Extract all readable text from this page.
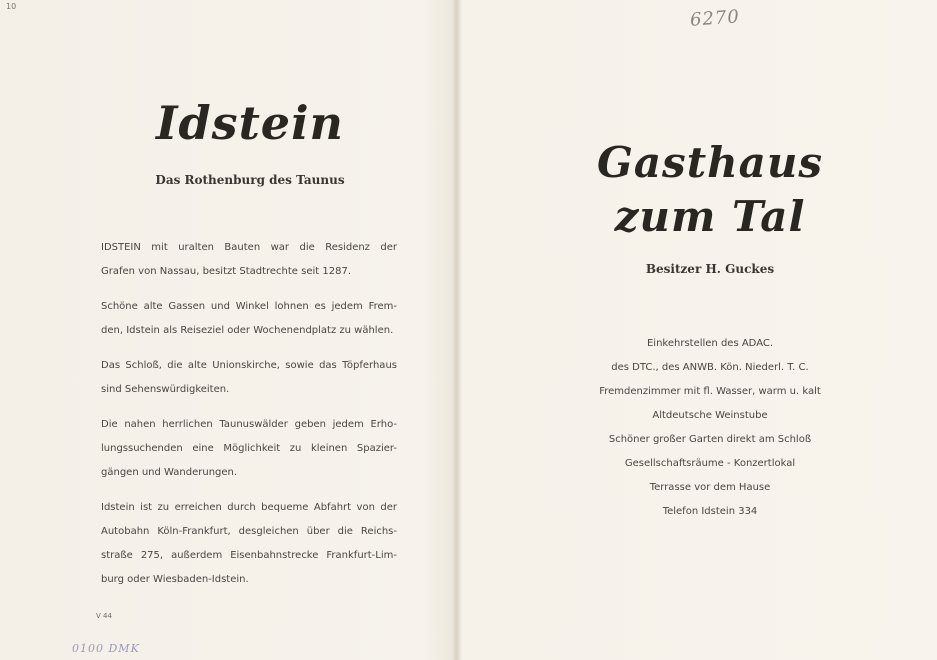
10	6270
0100 DMK
V 44
Idstein
Das Rothenburg des Taunus

IDSTEIN mit uralten Bauten war die Residenz der
Grafen von Nassau, besitzt Stadtrechte seit 1287.

Schöne alte Gassen und Winkel lohnen es jedem Frem-
den, Idstein als Reiseziel oder Wochenendplatz zu wählen.

Das Schloß, die alte Unionskirche, sowie das Töpferhaus
sind Sehenswürdigkeiten.

Die nahen herrlichen Taunuswälder geben jedem Erho-
lungssuchenden eine Möglichkeit zu kleinen Spazier-
gängen und Wanderungen.

Idstein ist zu erreichen durch bequeme Abfahrt von der
Autobahn Köln-Frankfurt, desgleichen über die Reichs-
straße 275, außerdem Eisenbahnstrecke Frankfurt-Lim-
burg oder Wiesbaden-Idstein.

Gasthaus
zum Tal
Besitzer H. Guckes
Einkehrstellen des ADAC.
des DTC., des ANWB. Kön. Niederl. T. C.
Fremdenzimmer mit fl. Wasser, warm u. kalt
Altdeutsche Weinstube
Schöner großer Garten direkt am Schloß
Gesellschaftsräume - Konzertlokal
Terrasse vor dem Hause
Telefon Idstein 334
